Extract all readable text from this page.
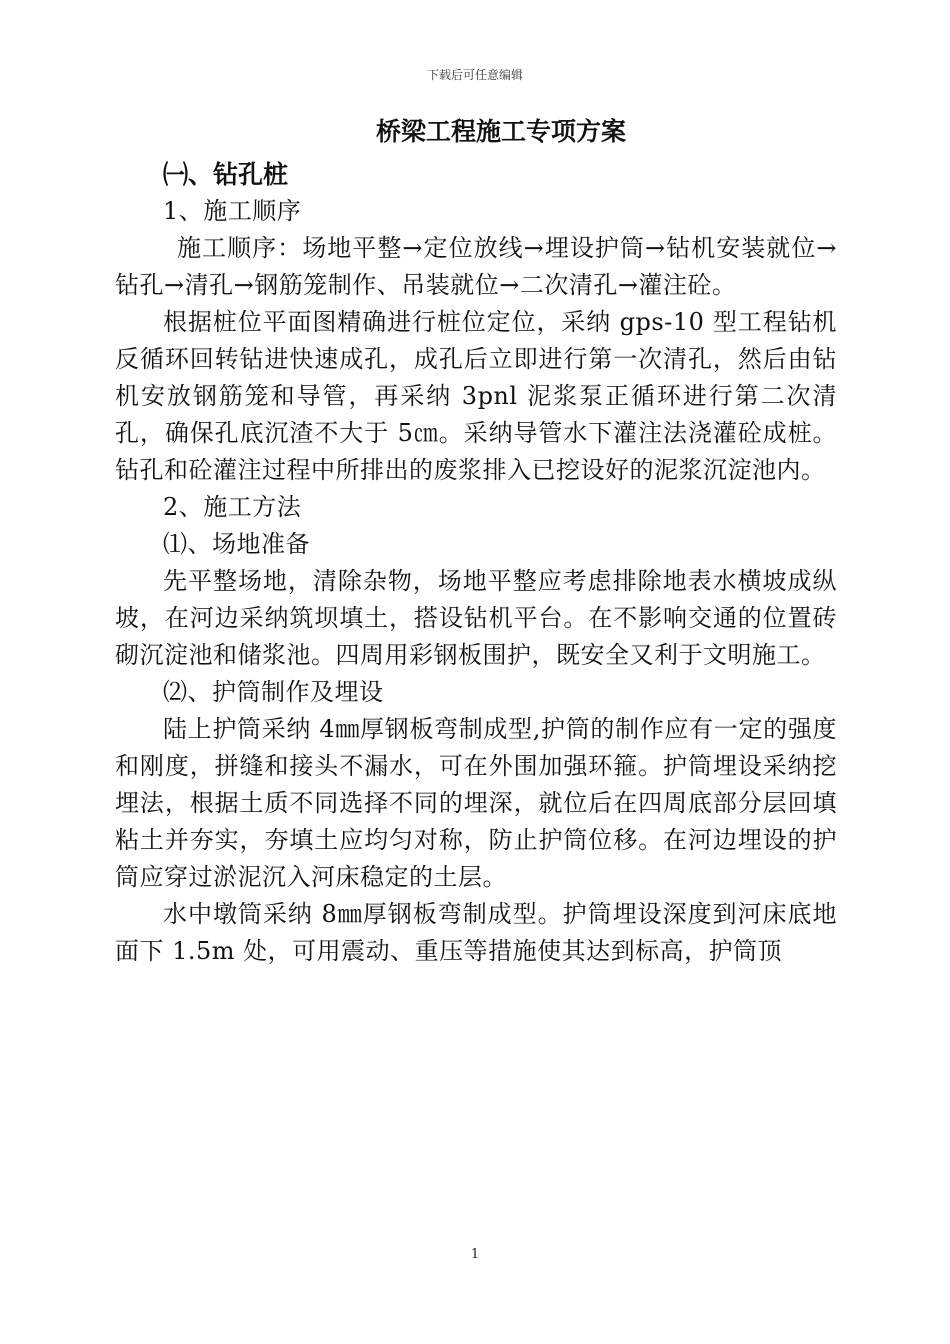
下载后可任意编辑
桥梁工程施工专项方案

㈠、钻孔桩

1、施工顺序

施工顺序：场地平整→定位放线→埋设护筒→钻机安装就位→钻孔→清孔→钢筋笼制作、吊装就位→二次清孔→灌注砼。

根据桩位平面图精确进行桩位定位，采纳 gps-10 型工程钻机反循环回转钻进快速成孔，成孔后立即进行第一次清孔，然后由钻机安放钢筋笼和导管，再采纳 3pnl 泥浆泵正循环进行第二次清孔，确保孔底沉渣不大于 5㎝。采纳导管水下灌注法浇灌砼成桩。钻孔和砼灌注过程中所排出的废浆排入已挖设好的泥浆沉淀池内。

2、施工方法

⑴、场地准备

先平整场地，清除杂物，场地平整应考虑排除地表水横坡成纵坡，在河边采纳筑坝填土，搭设钻机平台。在不影响交通的位置砖砌沉淀池和储浆池。四周用彩钢板围护，既安全又利于文明施工。

⑵、护筒制作及埋设

陆上护筒采纳 4㎜厚钢板弯制成型,护筒的制作应有一定的强度和刚度，拼缝和接头不漏水，可在外围加强环箍。护筒埋设采纳挖埋法，根据土质不同选择不同的埋深，就位后在四周底部分层回填粘土并夯实，夯填土应均匀对称，防止护筒位移。在河边埋设的护筒应穿过淤泥沉入河床稳定的土层。

水中墩筒采纳 8㎜厚钢板弯制成型。护筒埋设深度到河床底地面下 1.5m 处，可用震动、重压等措施使其达到标高，护筒顶

1
